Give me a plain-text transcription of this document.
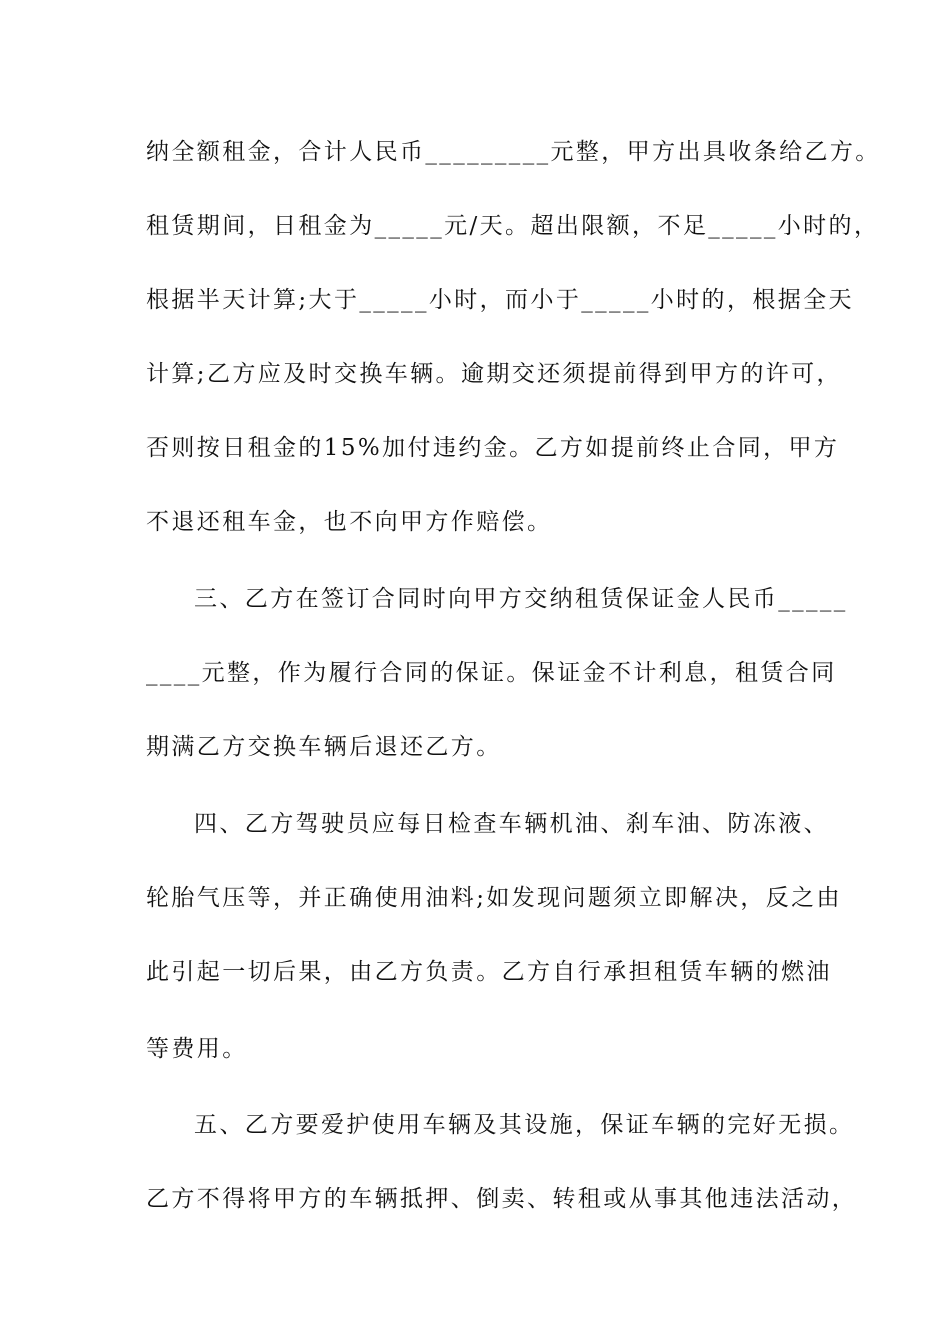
纳全额租金，合计人民币_________元整，甲方出具收条给乙方。
租赁期间，日租金为_____元/天。超出限额，不足_____小时的，
根据半天计算;大于_____小时，而小于_____小时的，根据全天
计算;乙方应及时交换车辆。逾期交还须提前得到甲方的许可，
否则按日租金的15%加付违约金。乙方如提前终止合同，甲方
不退还租车金，也不向甲方作赔偿。
三、乙方在签订合同时向甲方交纳租赁保证金人民币_____
____元整，作为履行合同的保证。保证金不计利息，租赁合同
期满乙方交换车辆后退还乙方。
四、乙方驾驶员应每日检查车辆机油、刹车油、防冻液、
轮胎气压等，并正确使用油料;如发现问题须立即解决，反之由
此引起一切后果，由乙方负责。乙方自行承担租赁车辆的燃油
等费用。
五、乙方要爱护使用车辆及其设施，保证车辆的完好无损。
乙方不得将甲方的车辆抵押、倒卖、转租或从事其他违法活动，
